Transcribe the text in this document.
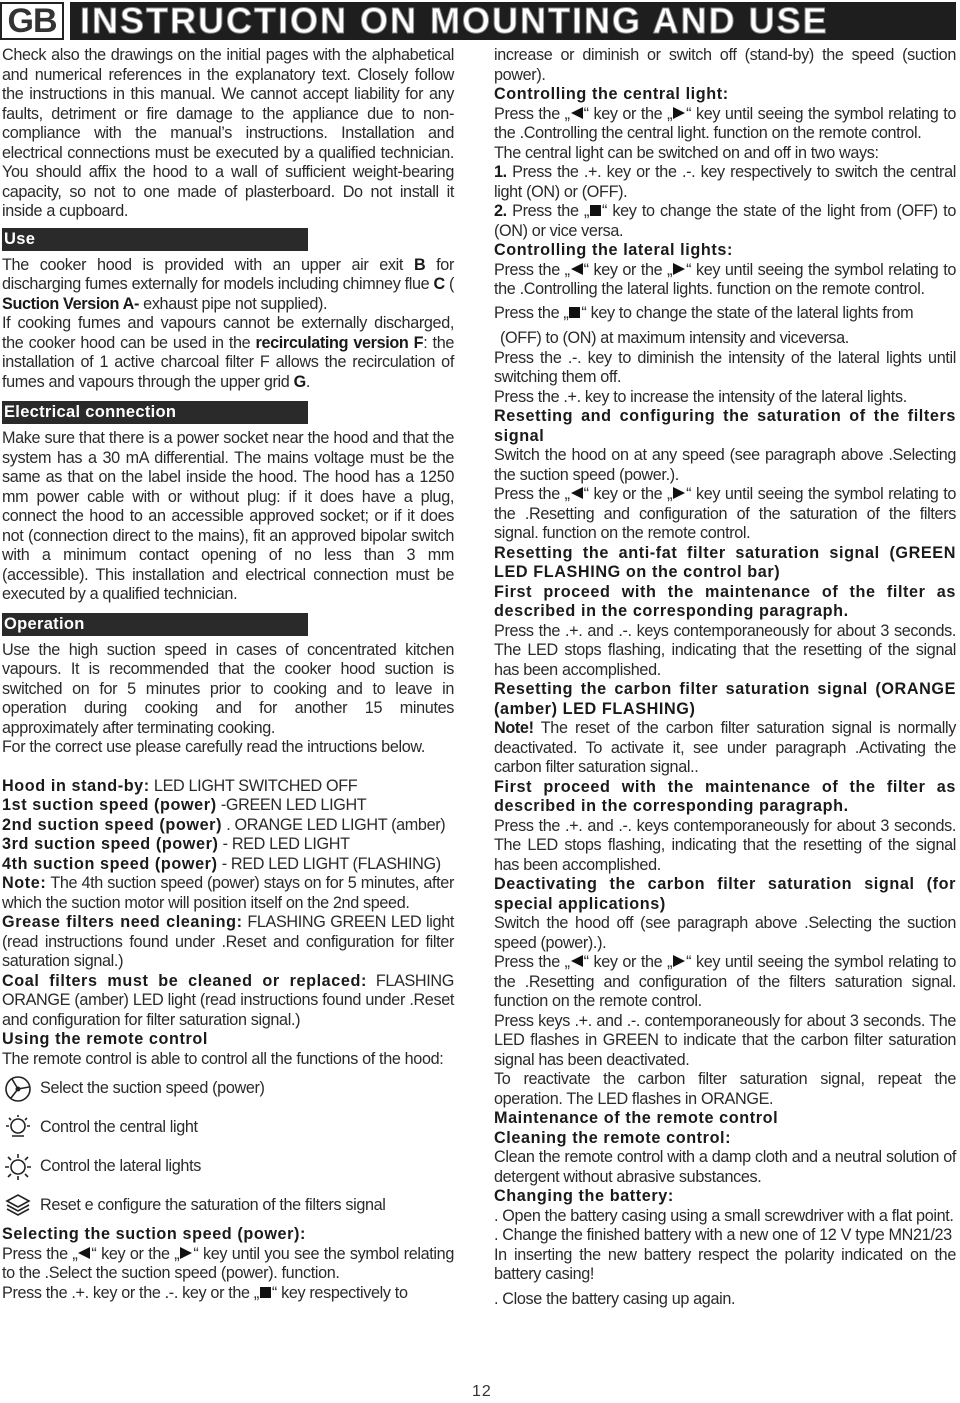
GB INSTRUCTION ON MOUNTING AND USE

Check also the drawings on the initial pages with the alphabetical and numerical references in the explanatory text. Closely follow the instructions in this manual. We cannot accept liability for any faults, detriment or fire damage to the appliance due to non-compliance with the manual’s instructions. Installation and electrical connections must be executed by a qualified technician. You should affix the hood to a wall of sufficient weight-bearing capacity, so not to one made of plasterboard. Do not install it inside a cupboard.

Use

The cooker hood is provided with an upper air exit B for discharging fumes externally for models including chimney flue C ( Suction Version A- exhaust pipe not supplied).

If cooking fumes and vapours cannot be externally discharged, the cooker hood can be used in the recirculating version F: the installation of 1 active charcoal filter F allows the recirculation of fumes and vapours through the upper grid G.

Electrical connection

Make sure that there is a power socket near the hood and that the system has a 30 mA differential. The mains voltage must be the same as that on the label inside the hood. The hood has a 1250 mm power cable with or without plug: if it does have a plug, connect the hood to an accessible approved socket; or if it does not (connection direct to the mains), fit an approved bipolar switch with a minimum contact opening of no less than 3 mm (accessible). This installation and electrical connection must be executed by a qualified technician.

Operation

Use the high suction speed in cases of concentrated kitchen vapours. It is recommended that the cooker hood suction is switched on for 5 minutes prior to cooking and to leave in operation during cooking and for another 15 minutes approximately after terminating cooking.

For the correct use please carefully read the intructions below.

Hood in stand-by: LED LIGHT SWITCHED OFF

1st suction speed (power) -GREEN LED LIGHT

2nd suction speed (power) . ORANGE LED LIGHT (amber)

3rd suction speed (power) - RED LED LIGHT

4th suction speed (power) - RED LED LIGHT (FLASHING)

Note: The 4th suction speed (power) stays on for 5 minutes, after which the suction motor will position itself on the 2nd speed.

Grease filters need cleaning: FLASHING GREEN LED light (read instructions found under .Reset and configuration for filter saturation signal.)

Coal filters must be cleaned or replaced: FLASHING ORANGE (amber) LED light (read instructions found under .Reset and configuration for filter saturation signal.)

Using the remote control

The remote control is able to control all the functions of the hood:

Select the suction speed (power)
Control the central light
Control the lateral lights
Reset e configure the saturation of the filters signal

Selecting the suction speed (power):

Press the „ “ key or the „ “ key until you see the symbol relating to the .Select the suction speed (power). function.

Press the .+. key or the .-. key or the „ “ key respectively to

increase or diminish or switch off (stand-by) the speed (suction power).

Controlling the central light:

Press the „ “ key or the „ “ key until seeing the symbol relating to the .Controlling the central light. function on the remote control.

The central light can be switched on and off in two ways:

1. Press the .+. key or the .-. key respectively to switch the central light (ON) or (OFF).

2. Press the „ “ key to change the state of the light from (OFF) to (ON) or vice versa.

Controlling the lateral lights:

Press the „ “ key or the „ “ key until seeing the symbol relating to the .Controlling the lateral lights. function on the remote control.

Press the „ “ key to change the state of the lateral lights from

(OFF) to (ON) at maximum intensity and viceversa.

Press the .-. key to diminish the intensity of the lateral lights until switching them off.

Press the .+. key to increase the intensity of the lateral lights.

Resetting and configuring the saturation of the filters signal

Switch the hood on at any speed (see paragraph above .Selecting the suction speed (power.).

Press the „ “ key or the „ “ key until seeing the symbol relating to the .Resetting and configuration of the saturation of the filters signal. function on the remote control.

Resetting the anti-fat filter saturation signal (GREEN LED FLASHING on the control bar)

First proceed with the maintenance of the filter as described in the corresponding paragraph.

Press the .+. and .-. keys contemporaneously for about 3 seconds. The LED stops flashing, indicating that the resetting of the signal has been accomplished.

Resetting the carbon filter saturation signal (ORANGE (amber) LED FLASHING)

Note! The reset of the carbon filter saturation signal is normally deactivated. To activate it, see under paragraph .Activating the carbon filter saturation signal..

First proceed with the maintenance of the filter as described in the corresponding paragraph.

Press the .+. and .-. keys contemporaneously for about 3 seconds. The LED stops flashing, indicating that the resetting of the signal has been accomplished.

Deactivating the carbon filter saturation signal (for special applications)

Switch the hood off (see paragraph above .Selecting the suction speed (power).).

Press the „ “ key or the „ “ key until seeing the symbol relating to the .Resetting and configuration of the filters saturation signal. function on the remote control.

Press keys .+. and .-. contemporaneously for about 3 seconds. The LED flashes in GREEN to indicate that the carbon filter saturation signal has been deactivated.

To reactivate the carbon filter saturation signal, repeat the operation. The LED flashes in ORANGE.

Maintenance of the remote control

Cleaning the remote control:

Clean the remote control with a damp cloth and a neutral solution of detergent without abrasive substances.

Changing the battery:

. Open the battery casing using a small screwdriver with a flat point.

. Change the finished battery with a new one of 12 V type MN21/23

In inserting the new battery respect the polarity indicated on the battery casing!

. Close the battery casing up again.

12
